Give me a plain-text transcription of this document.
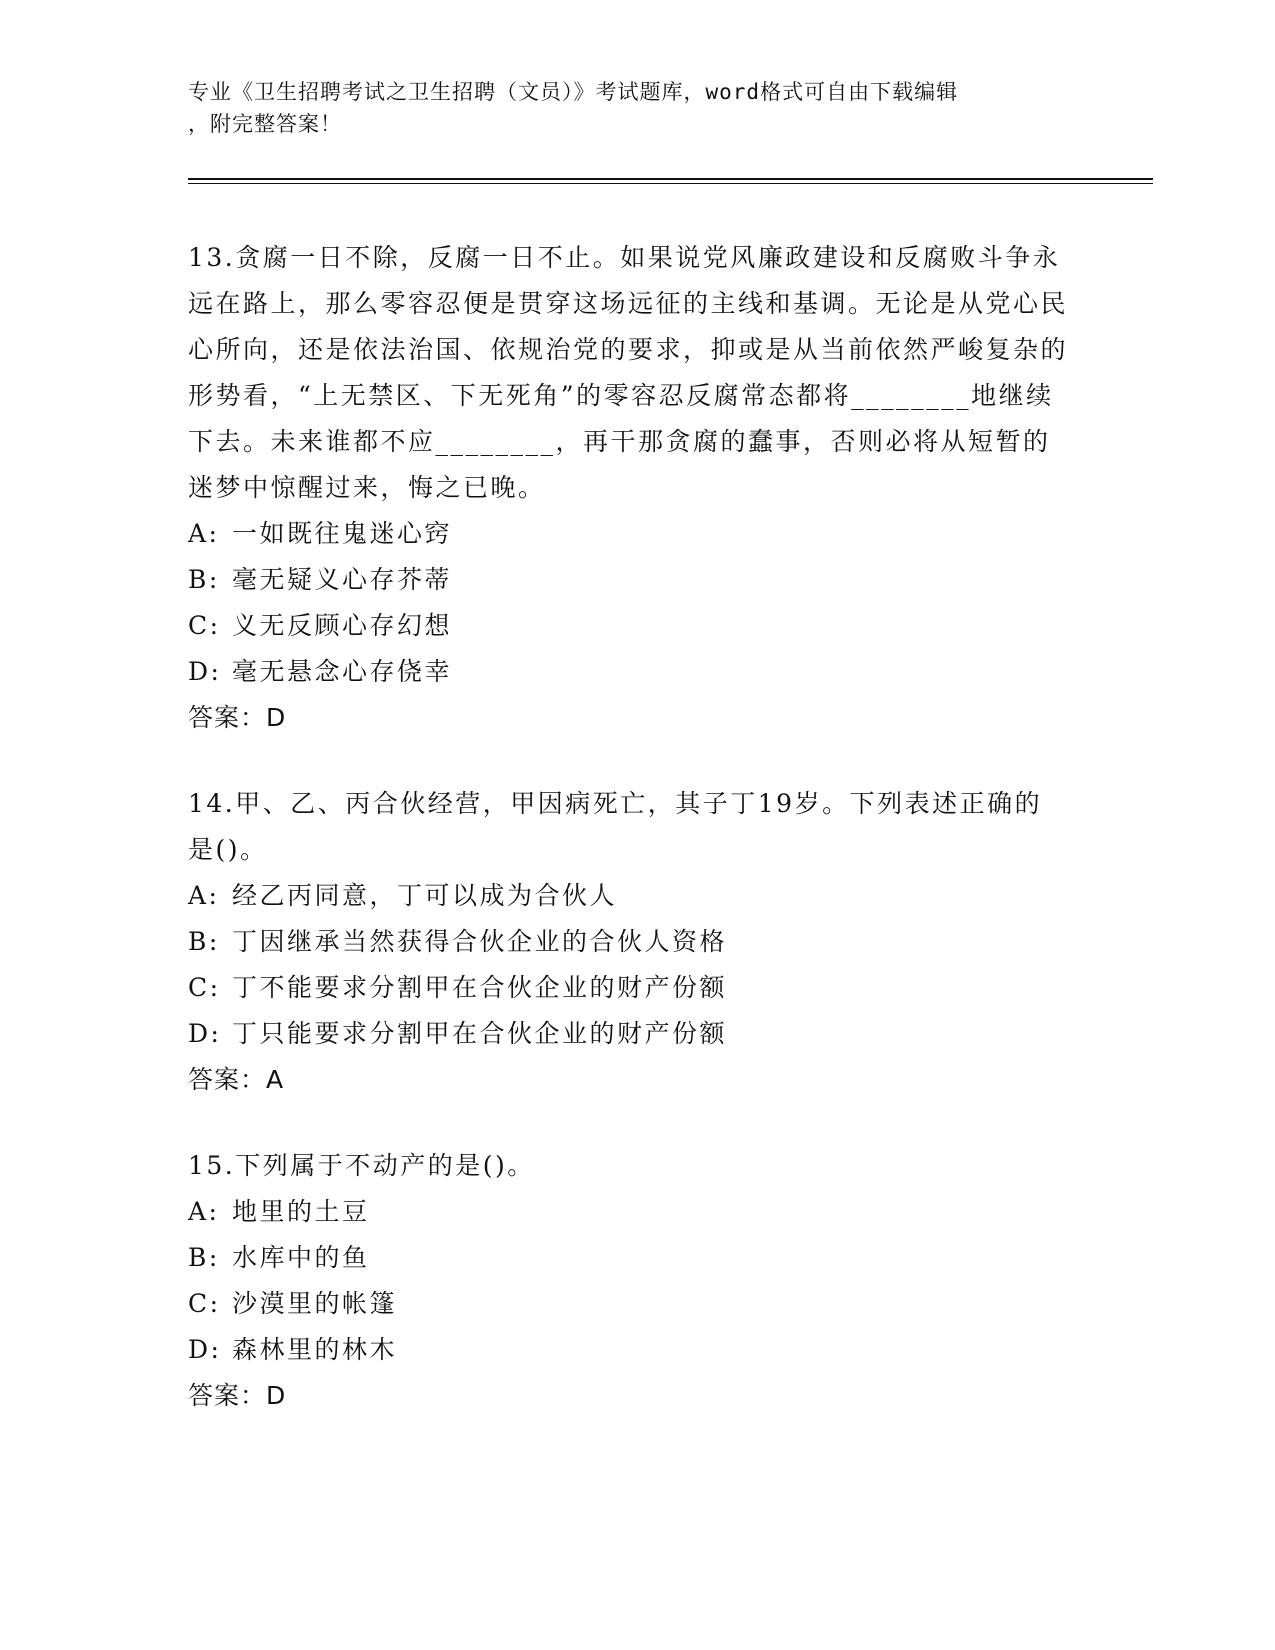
专业《卫生招聘考试之卫生招聘（文员）》考试题库，word格式可自由下载编辑
，附完整答案！

13.贪腐一日不除，反腐一日不止。如果说党风廉政建设和反腐败斗争永远在路上，那么零容忍便是贯穿这场远征的主线和基调。无论是从党心民心所向，还是依法治国、依规治党的要求，抑或是从当前依然严峻复杂的形势看，“上无禁区、下无死角”的零容忍反腐常态都将________地继续下去。未来谁都不应________，再干那贪腐的蠢事，否则必将从短暂的迷梦中惊醒过来，悔之已晚。

A: 一如既往鬼迷心窍
B: 毫无疑义心存芥蒂
C: 义无反顾心存幻想
D: 毫无悬念心存侥幸
答案：D

14.甲、乙、丙合伙经营，甲因病死亡，其子丁19岁。下列表述正确的是()。

A: 经乙丙同意，丁可以成为合伙人
B: 丁因继承当然获得合伙企业的合伙人资格
C: 丁不能要求分割甲在合伙企业的财产份额
D: 丁只能要求分割甲在合伙企业的财产份额
答案：A

15.下列属于不动产的是()。

A: 地里的土豆
B: 水库中的鱼
C: 沙漠里的帐篷
D: 森林里的林木
答案：D
